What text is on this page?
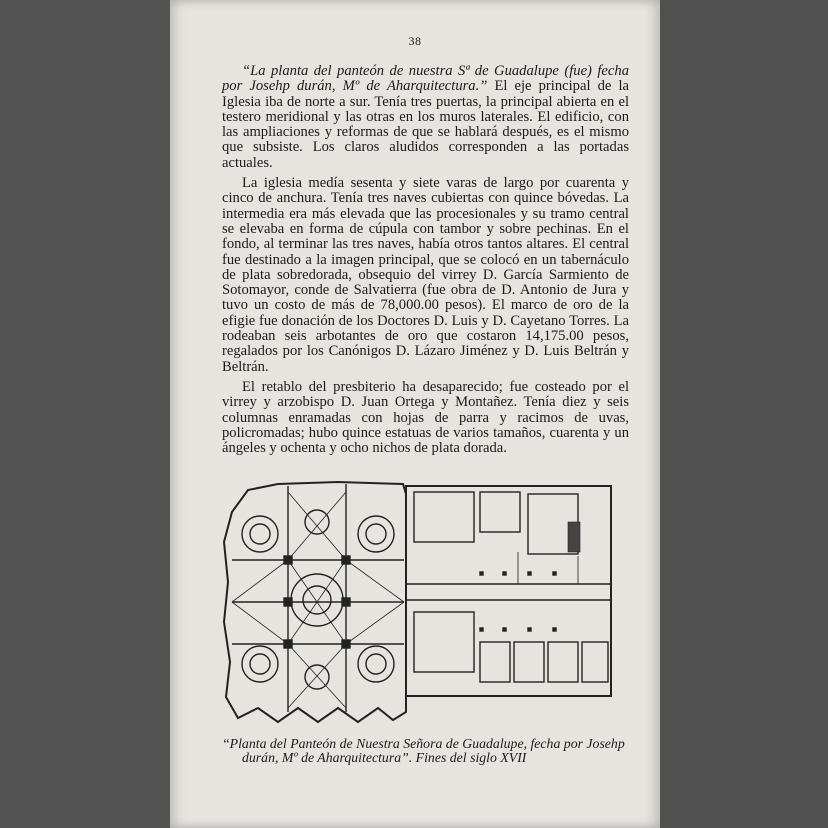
38

“La planta del panteón de nuestra Sª de Guadalupe (fue) fecha por Josehp durán, Mº de Aharquitectura.” El eje principal de la Iglesia iba de norte a sur. Tenía tres puertas, la principal abierta en el testero meridional y las otras en los muros laterales. El edificio, con las ampliaciones y reformas de que se hablará después, es el mismo que subsiste. Los claros aludidos corresponden a las portadas actuales.

La iglesia medía sesenta y siete varas de largo por cuarenta y cinco de anchura. Tenía tres naves cubiertas con quince bóvedas. La intermedia era más elevada que las procesionales y su tramo central se elevaba en forma de cúpula con tambor y sobre pechinas. En el fondo, al terminar las tres naves, había otros tantos altares. El central fue destinado a la imagen principal, que se colocó en un tabernáculo de plata sobredorada, obsequio del virrey D. García Sarmiento de Sotomayor, conde de Salvatierra (fue obra de D. Antonio de Jura y tuvo un costo de más de 78,000.00 pesos). El marco de oro de la efigie fue donación de los Doctores D. Luis y D. Cayetano Torres. La rodeaban seis arbotantes de oro que costaron 14,175.00 pesos, regalados por los Canónigos D. Lázaro Jiménez y D. Luis Beltrán y Beltrán.

El retablo del presbiterio ha desaparecido; fue costeado por el virrey y arzobispo D. Juan Ortega y Montañez. Tenía diez y seis columnas enramadas con hojas de parra y racimos de uvas, policromadas; hubo quince estatuas de varios tamaños, cuarenta y un ángeles y ochenta y ocho nichos de plata dorada.

“Planta del Panteón de Nuestra Señora de Guadalupe, fecha por Josehp
durán, Mº de Aharquitectura”. Fines del siglo XVII
